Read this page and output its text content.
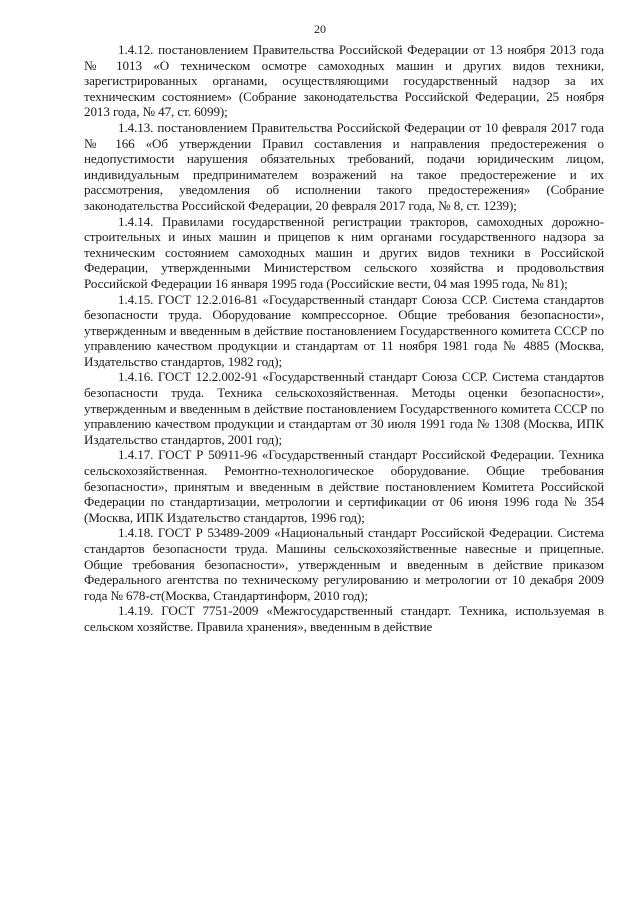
20

1.4.12. постановлением Правительства Российской Федерации от 13 ноября 2013 года № 1013 «О техническом осмотре самоходных машин и других видов техники, зарегистрированных органами, осуществляющими государственный надзор за их техническим состоянием» (Собрание законодательства Российской Федерации, 25 ноября 2013 года, № 47, ст. 6099);

1.4.13. постановлением Правительства Российской Федерации от 10 февраля 2017 года № 166 «Об утверждении Правил составления и направления предостережения о недопустимости нарушения обязательных требований, подачи юридическим лицом, индивидуальным предпринимателем возражений на такое предостережение и их рассмотрения, уведомления об исполнении такого предостережения» (Собрание законодательства Российской Федерации, 20 февраля 2017 года, № 8, ст. 1239);

1.4.14. Правилами государственной регистрации тракторов, самоходных дорожно-строительных и иных машин и прицепов к ним органами государственного надзора за техническим состоянием самоходных машин и других видов техники в Российской Федерации, утвержденными Министерством сельского хозяйства и продовольствия Российской Федерации 16 января 1995 года (Российские вести, 04 мая 1995 года, № 81);

1.4.15. ГОСТ 12.2.016-81 «Государственный стандарт Союза ССР. Система стандартов безопасности труда. Оборудование компрессорное. Общие требования безопасности», утвержденным и введенным в действие постановлением Государственного комитета СССР по управлению качеством продукции и стандартам от 11 ноября 1981 года № 4885 (Москва, Издательство стандартов, 1982 год);

1.4.16. ГОСТ 12.2.002-91 «Государственный стандарт Союза ССР. Система стандартов безопасности труда. Техника сельскохозяйственная. Методы оценки безопасности», утвержденным и введенным в действие постановлением Государственного комитета СССР по управлению качеством продукции и стандартам от 30 июля 1991 года № 1308 (Москва, ИПК Издательство стандартов, 2001 год);

1.4.17. ГОСТ Р 50911-96 «Государственный стандарт Российской Федерации. Техника сельскохозяйственная. Ремонтно-технологическое оборудование. Общие требования безопасности», принятым и введенным в действие постановлением Комитета Российской Федерации по стандартизации, метрологии и сертификации от 06 июня 1996 года № 354 (Москва, ИПК Издательство стандартов, 1996 год);

1.4.18. ГОСТ Р 53489-2009 «Национальный стандарт Российской Федерации. Система стандартов безопасности труда. Машины сельскохозяйственные навесные и прицепные. Общие требования безопасности», утвержденным и введенным в действие приказом Федерального агентства по техническому регулированию и метрологии от 10 декабря 2009 года № 678-ст(Москва, Стандартинформ, 2010 год);

1.4.19. ГОСТ 7751-2009 «Межгосударственный стандарт. Техника, используемая в сельском хозяйстве. Правила хранения», введенным в действие
